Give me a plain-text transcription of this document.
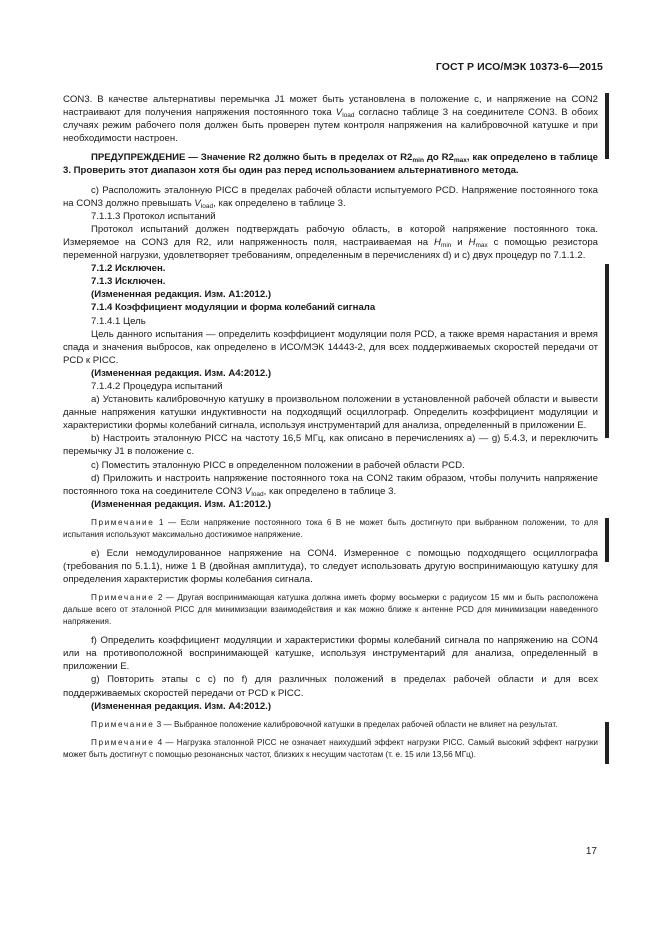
ГОСТ Р ИСО/МЭК 10373-6—2015

CON3. В качестве альтернативы перемычка J1 может быть установлена в положение c, и напряжение на CON2 настраивают для получения напряжения постоянного тока $V_{load}$ согласно таблице 3 на соединителе CON3. В обоих случаях режим рабочего поля должен быть проверен путем контроля напряжения на калибровочной катушке и при необходимости настроен.

ПРЕДУПРЕЖДЕНИЕ — Значение R2 должно быть в пределах от $R2_{min}$ до $R2_{max}$, как определено в таблице 3. Проверить этот диапазон хотя бы один раз перед использованием альтернативного метода.

c) Расположить эталонную PICC в пределах рабочей области испытуемого PCD. Напряжение постоянного тока на CON3 должно превышать $V_{load}$, как определено в таблице 3.

7.1.1.3 Протокол испытаний

Протокол испытаний должен подтверждать рабочую область, в которой напряжение постоянного тока. Измеряемое на CON3 для R2, или напряженность поля, настраиваемая на $H_{min}$ и $H_{max}$ с помощью резистора переменной нагрузки, удовлетворяет требованиям, определенным в перечислениях d) и c) двух процедур по 7.1.1.2.

7.1.2 Исключен.

7.1.3 Исключен.

(Измененная редакция. Изм. А1:2012.)

7.1.4 Коэффициент модуляции и форма колебаний сигнала

7.1.4.1 Цель

Цель данного испытания — определить коэффициент модуляции поля PCD, а также время нарастания и время спада и значения выбросов, как определено в ИСО/МЭК 14443-2, для всех поддерживаемых скоростей передачи от PCD к PICC.

(Измененная редакция. Изм. А4:2012.)

7.1.4.2 Процедура испытаний

a) Установить калибровочную катушку в произвольном положении в установленной рабочей области и вывести данные напряжения катушки индуктивности на подходящий осциллограф. Определить коэффициент модуляции и характеристики формы колебаний сигнала, используя инструментарий для анализа, определенный в приложении E.

b) Настроить эталонную PICC на частоту 16,5 МГц, как описано в перечислениях а) — g) 5.4.3, и переключить перемычку J1 в положение с.

c) Поместить эталонную PICC в определенном положении в рабочей области PCD.

d) Приложить и настроить напряжение постоянного тока на CON2 таким образом, чтобы получить напряжение постоянного тока на соединителе CON3 $V_{load}$, как определено в таблице 3.

(Измененная редакция. Изм. А1:2012.)

Примечание 1 — Если напряжение постоянного тока 6 В не может быть достигнуто при выбранном положении, то для испытания используют максимально достижимое напряжение.

e) Если немодулированное напряжение на CON4. Измеренное с помощью подходящего осциллографа (требования по 5.1.1), ниже 1 В (двойная амплитуда), то следует использовать другую воспринимающую катушку для определения характеристик формы колебания сигнала.

Примечание 2 — Другая воспринимающая катушка должна иметь форму восьмерки с радиусом 15 мм и быть расположена дальше всего от эталонной PICC для минимизации взаимодействия и как можно ближе к антенне PCD для минимизации наведенного напряжения.

f) Определить коэффициент модуляции и характеристики формы колебаний сигнала по напряжению на CON4 или на противоположной воспринимающей катушке, используя инструментарий для анализа, определенный в приложении E.

g) Повторить этапы с c) по f) для различных положений в пределах рабочей области и для всех поддерживаемых скоростей передачи от PCD к PICC.

(Измененная редакция. Изм. А4:2012.)

Примечание 3 — Выбранное положение калибровочной катушки в пределах рабочей области не влияет на результат.

Примечание 4 — Нагрузка эталонной PICC не означает наихудший эффект нагрузки PICC. Самый высокий эффект нагрузки может быть достигнут с помощью резонансных частот, близких к несущим частотам (т. е. 15 или 13,56 МГц).

17
